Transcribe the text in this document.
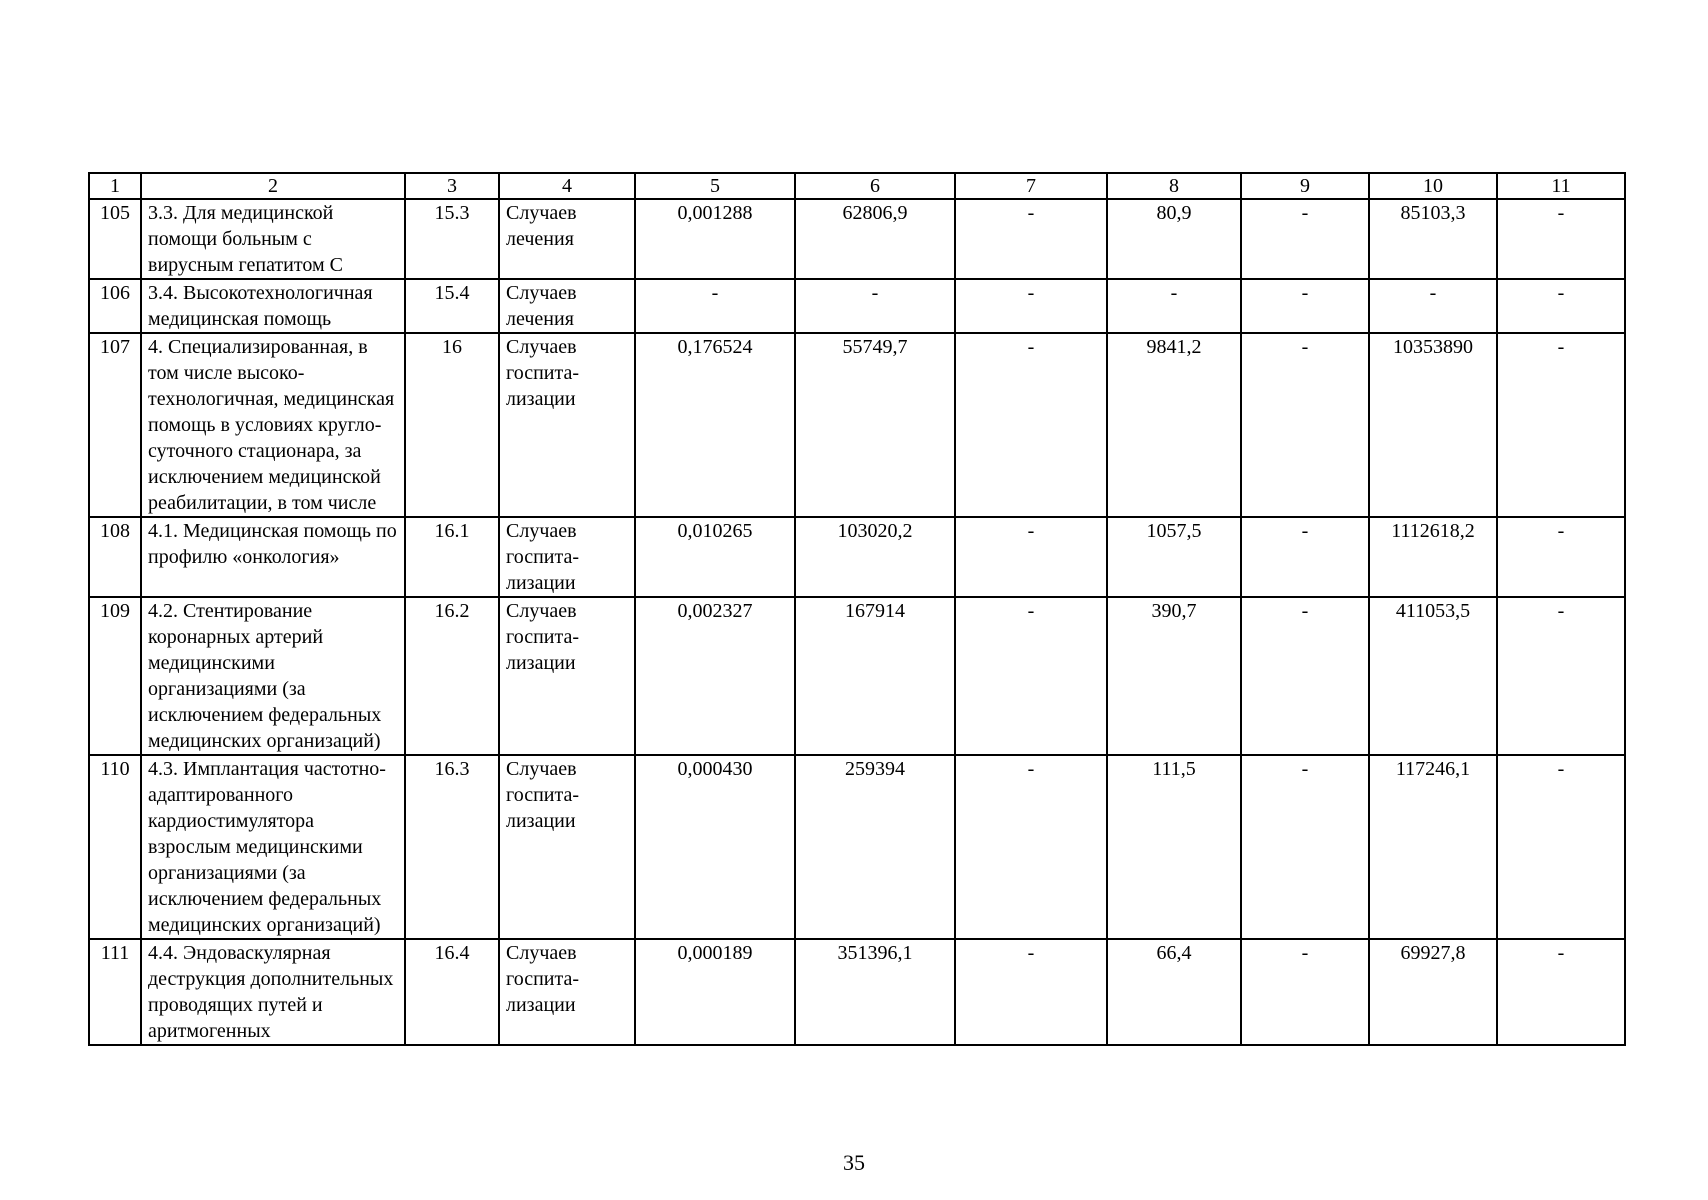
1	2	3	4	5	6	7	8	9	10	11
105	3.3. Для медицинской помощи больным с вирусным гепатитом С	15.3	Случаев лечения	0,001288	62806,9	-	80,9	-	85103,3	-
106	3.4. Высокотехнологичная медицинская помощь	15.4	Случаев лечения	-	-	-	-	-	-	-
107	4. Специализированная, в том числе высокотехнологичная, медицинская помощь в условиях круглосуточного стационара, за исключением медицинской реабилитации, в том числе	16	Случаев госпитализации	0,176524	55749,7	-	9841,2	-	10353890	-
108	4.1. Медицинская помощь по профилю «онкология»	16.1	Случаев госпитализации	0,010265	103020,2	-	1057,5	-	1112618,2	-
109	4.2. Стентирование коронарных артерий медицинскими организациями (за исключением федеральных медицинских организаций)	16.2	Случаев госпитализации	0,002327	167914	-	390,7	-	411053,5	-
110	4.3. Имплантация частотно-адаптированного кардиостимулятора взрослым медицинскими организациями (за исключением федеральных медицинских организаций)	16.3	Случаев госпитализации	0,000430	259394	-	111,5	-	117246,1	-
111	4.4. Эндоваскулярная деструкция дополнительных проводящих путей и аритмогенных	16.4	Случаев госпитализации	0,000189	351396,1	-	66,4	-	69927,8	-
35
